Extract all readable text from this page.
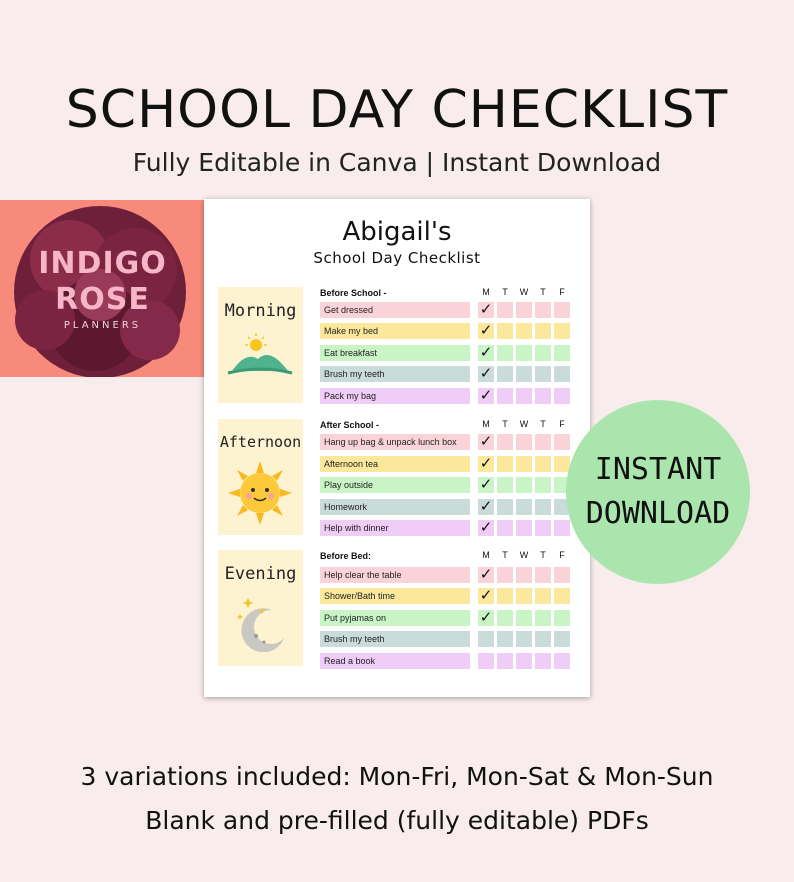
SCHOOL DAY CHECKLIST
Fully Editable in Canva | Instant Download
INDIGO
ROSE
PLANNERS
Abigail's
School Day Checklist
Morning
Before School -	M	T	W	T	F
Get dressed	✓
Make my bed	✓
Eat breakfast	✓
Brush my teeth	✓
Pack my bag	✓
Afternoon
After School -	M	T	W	T	F
Hang up bag & unpack lunch box	✓
Afternoon tea	✓
Play outside	✓
Homework	✓
Help with dinner	✓
Evening
Before Bed:	M	T	W	T	F
Help clear the table	✓
Shower/Bath time	✓
Put pyjamas on	✓
Brush my teeth
Read a book
INSTANT
DOWNLOAD
3 variations included: Mon-Fri, Mon-Sat & Mon-Sun
Blank and pre-filled (fully editable) PDFs
